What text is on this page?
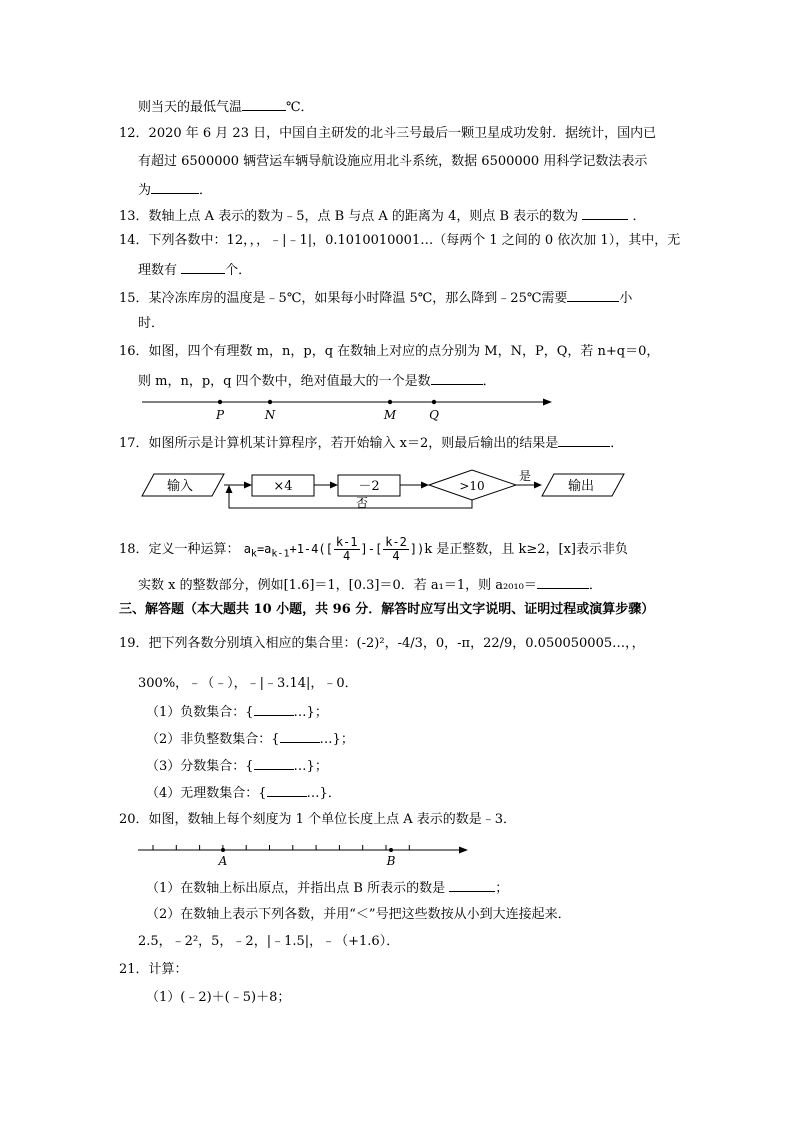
则当天的最低气温	℃．
12．2020 年 6 月 23 日，中国自主研发的北斗三号最后一颗卫星成功发射．据统计，国内已
有超过 6500000 辆营运车辆导航设施应用北斗系统，数据 6500000 用科学记数法表示
为	．
13．数轴上点 A 表示的数为﹣5，点 B 与点 A 的距离为 4，则点 B 表示的数为	．
14．下列各数中：12，，，﹣|﹣1|，0.1010010001…（每两个 1 之间的 0 依次加 1），其中，无
理数有	个．
15．某冷冻库房的温度是﹣5℃，如果每小时降温 5℃，那么降到﹣25℃需要	小
时．
16．如图，四个有理数 m，n，p，q 在数轴上对应的点分别为 M，N，P，Q，若 n+q＝0，
则 m，n，p，q 四个数中，绝对值最大的一个是数	．
P	N	M	Q
17．如图所示是计算机某计算程序，若开始输入 x＝2，则最后输出的结果是	．
输入	×4	－2	>10
是
输出
否
18．定义一种运算： $a_k=a_{k-1}+1-4([ \frac{k-1}{4}$ ]-[ $\frac{k-2}{4} ])k$ 是正整数，且 k≥2，[x]表示非负
实数 x 的整数部分，例如[1.6]＝1，[0.3]＝0．若 a₁＝1，则 a₂₀₁₀＝	．
三、解答题（本大题共 10 小题，共 96 分．解答时应写出文字说明、证明过程或演算步骤）
19．把下列各数分别填入相应的集合里：(-2)²，-4/3，0，-π，22/9，0.050050005…，，
300%，﹣（﹣），﹣|﹣3.14|，﹣0．
（1）负数集合：{	…}；
（2）非负整数集合：{	…}；
（3）分数集合：{	…}；
（4）无理数集合：{	…}．
20．如图，数轴上每个刻度为 1 个单位长度上点 A 表示的数是﹣3．
A	B
（1）在数轴上标出原点，并指出点 B 所表示的数是	；
（2）在数轴上表示下列各数，并用“＜”号把这些数按从小到大连接起来．
2.5，﹣2²，5，﹣2，|﹣1.5|，﹣（+1.6）．
21．计算：
（1）(﹣2)＋(﹣5)＋8；
